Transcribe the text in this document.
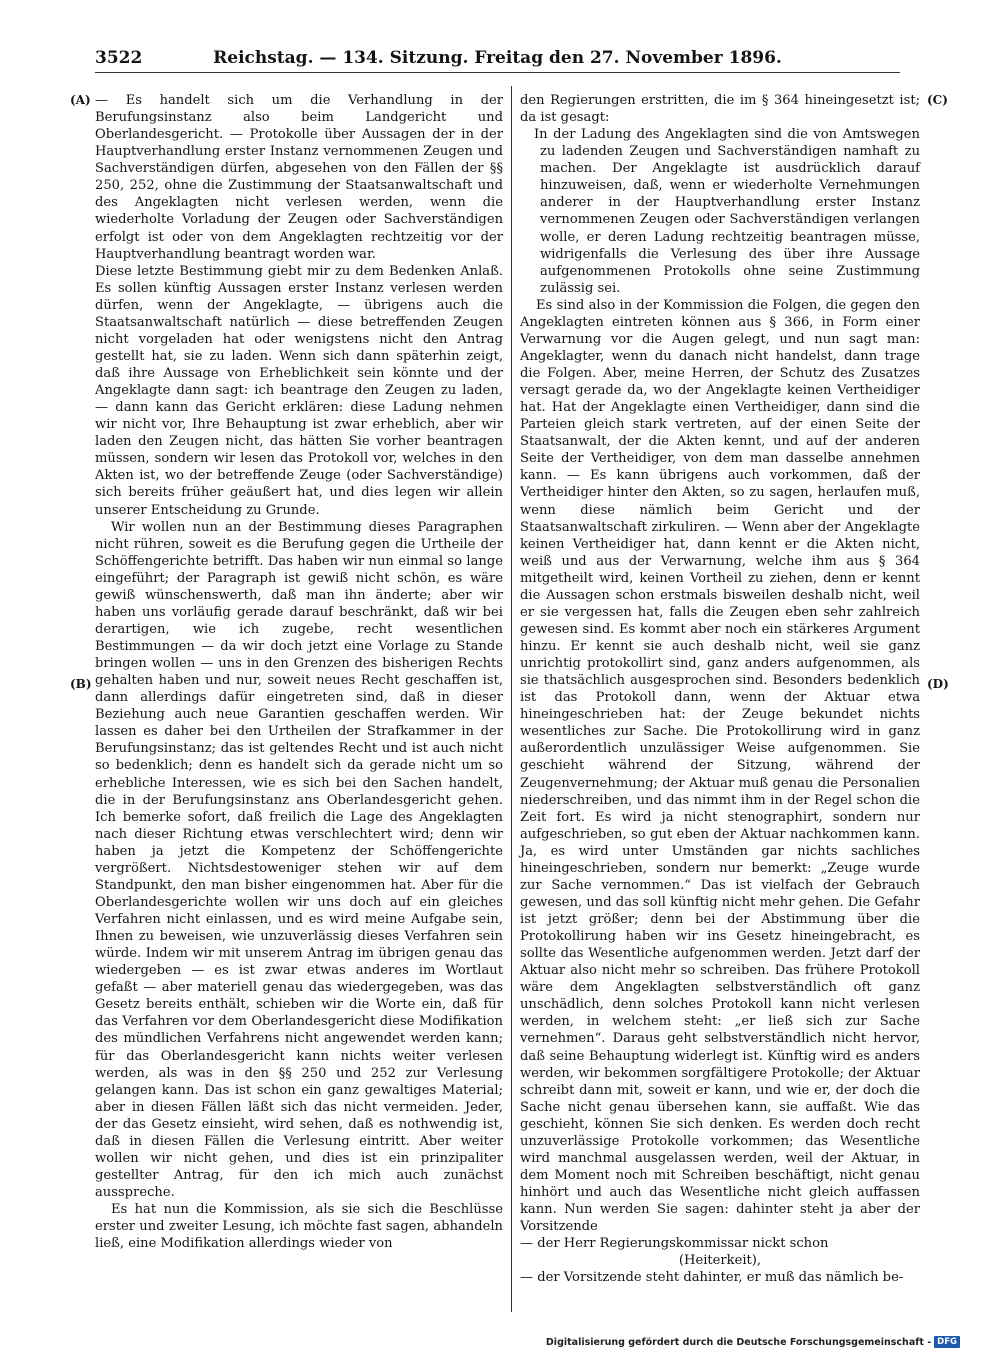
3522	Reichstag. — 134. Sitzung. Freitag den 27. November 1896.
(A)
(B)
(C)
(D)

— Es handelt sich um die Verhandlung in der Berufungsinstanz also beim Landgericht und Oberlandesgericht. — Protokolle über Aussagen der in der Hauptverhandlung erster Instanz vernommenen Zeugen und Sachverständigen dürfen, abgesehen von den Fällen der §§ 250, 252, ohne die Zustimmung der Staatsanwaltschaft und des Angeklagten nicht verlesen werden, wenn die wiederholte Vorladung der Zeugen oder Sachverständigen erfolgt ist oder von dem Angeklagten rechtzeitig vor der Hauptverhandlung beantragt worden war.

Diese letzte Bestimmung giebt mir zu dem Bedenken Anlaß. Es sollen künftig Aussagen erster Instanz verlesen werden dürfen, wenn der Angeklagte, — übrigens auch die Staatsanwaltschaft natürlich — diese betreffenden Zeugen nicht vorgeladen hat oder wenigstens nicht den Antrag gestellt hat, sie zu laden. Wenn sich dann späterhin zeigt, daß ihre Aussage von Erheblichkeit sein könnte und der Angeklagte dann sagt: ich beantrage den Zeugen zu laden, — dann kann das Gericht erklären: diese Ladung nehmen wir nicht vor, Ihre Behauptung ist zwar erheblich, aber wir laden den Zeugen nicht, das hätten Sie vorher beantragen müssen, sondern wir lesen das Protokoll vor, welches in den Akten ist, wo der betreffende Zeuge (oder Sachverständige) sich bereits früher geäußert hat, und dies legen wir allein unserer Entscheidung zu Grunde.

Wir wollen nun an der Bestimmung dieses Paragraphen nicht rühren, soweit es die Berufung gegen die Urtheile der Schöffengerichte betrifft. Das haben wir nun einmal so lange eingeführt; der Paragraph ist gewiß nicht schön, es wäre gewiß wünschenswerth, daß man ihn änderte; aber wir haben uns vorläufig gerade darauf beschränkt, daß wir bei derartigen, wie ich zugebe, recht wesentlichen Bestimmungen — da wir doch jetzt eine Vorlage zu Stande bringen wollen — uns in den Grenzen des bisherigen Rechts gehalten haben und nur, soweit neues Recht geschaffen ist, dann allerdings dafür eingetreten sind, daß in dieser Beziehung auch neue Garantien geschaffen werden. Wir lassen es daher bei den Urtheilen der Strafkammer in der Berufungsinstanz; das ist geltendes Recht und ist auch nicht so bedenklich; denn es handelt sich da gerade nicht um so erhebliche Interessen, wie es sich bei den Sachen handelt, die in der Berufungsinstanz ans Oberlandesgericht gehen. Ich bemerke sofort, daß freilich die Lage des Angeklagten nach dieser Richtung etwas verschlechtert wird; denn wir haben ja jetzt die Kompetenz der Schöffengerichte vergrößert. Nichtsdestoweniger stehen wir auf dem Standpunkt, den man bisher eingenommen hat. Aber für die Oberlandesgerichte wollen wir uns doch auf ein gleiches Verfahren nicht einlassen, und es wird meine Aufgabe sein, Ihnen zu beweisen, wie unzuverlässig dieses Verfahren sein würde. Indem wir mit unserem Antrag im übrigen genau das wiedergeben — es ist zwar etwas anderes im Wortlaut gefaßt — aber materiell genau das wiedergegeben, was das Gesetz bereits enthält, schieben wir die Worte ein, daß für das Verfahren vor dem Oberlandesgericht diese Modifikation des mündlichen Verfahrens nicht angewendet werden kann; für das Oberlandesgericht kann nichts weiter verlesen werden, als was in den §§ 250 und 252 zur Verlesung gelangen kann. Das ist schon ein ganz gewaltiges Material; aber in diesen Fällen läßt sich das nicht vermeiden. Jeder, der das Gesetz einsieht, wird sehen, daß es nothwendig ist, daß in diesen Fällen die Verlesung eintritt. Aber weiter wollen wir nicht gehen, und dies ist ein prinzipaliter gestellter Antrag, für den ich mich auch zunächst ausspreche.

Es hat nun die Kommission, als sie sich die Beschlüsse erster und zweiter Lesung, ich möchte fast sagen, abhandeln ließ, eine Modifikation allerdings wieder von

den Regierungen erstritten, die im § 364 hineingesetzt ist; da ist gesagt:

In der Ladung des Angeklagten sind die von Amtswegen zu ladenden Zeugen und Sachverständigen namhaft zu machen. Der Angeklagte ist ausdrücklich darauf hinzuweisen, daß, wenn er wiederholte Vernehmungen anderer in der Hauptverhandlung erster Instanz vernommenen Zeugen oder Sachverständigen verlangen wolle, er deren Ladung rechtzeitig beantragen müsse, widrigenfalls die Verlesung des über ihre Aussage aufgenommenen Protokolls ohne seine Zustimmung zulässig sei.

Es sind also in der Kommission die Folgen, die gegen den Angeklagten eintreten können aus § 366, in Form einer Verwarnung vor die Augen gelegt, und nun sagt man: Angeklagter, wenn du danach nicht handelst, dann trage die Folgen. Aber, meine Herren, der Schutz des Zusatzes versagt gerade da, wo der Angeklagte keinen Vertheidiger hat. Hat der Angeklagte einen Vertheidiger, dann sind die Parteien gleich stark vertreten, auf der einen Seite der Staatsanwalt, der die Akten kennt, und auf der anderen Seite der Vertheidiger, von dem man dasselbe annehmen kann. — Es kann übrigens auch vorkommen, daß der Vertheidiger hinter den Akten, so zu sagen, herlaufen muß, wenn diese nämlich beim Gericht und der Staatsanwaltschaft zirkuliren. — Wenn aber der Angeklagte keinen Vertheidiger hat, dann kennt er die Akten nicht, weiß und aus der Verwarnung, welche ihm aus § 364 mitgetheilt wird, keinen Vortheil zu ziehen, denn er kennt die Aussagen schon erstmals bisweilen deshalb nicht, weil er sie vergessen hat, falls die Zeugen eben sehr zahlreich gewesen sind. Es kommt aber noch ein stärkeres Argument hinzu. Er kennt sie auch deshalb nicht, weil sie ganz unrichtig protokollirt sind, ganz anders aufgenommen, als sie thatsächlich ausgesprochen sind. Besonders bedenklich ist das Protokoll dann, wenn der Aktuar etwa hineingeschrieben hat: der Zeuge bekundet nichts wesentliches zur Sache. Die Protokollirung wird in ganz außerordentlich unzulässiger Weise aufgenommen. Sie geschieht während der Sitzung, während der Zeugenvernehmung; der Aktuar muß genau die Personalien niederschreiben, und das nimmt ihm in der Regel schon die Zeit fort. Es wird ja nicht stenographirt, sondern nur aufgeschrieben, so gut eben der Aktuar nachkommen kann. Ja, es wird unter Umständen gar nichts sachliches hineingeschrieben, sondern nur bemerkt: „Zeuge wurde zur Sache vernommen.“ Das ist vielfach der Gebrauch gewesen, und das soll künftig nicht mehr gehen. Die Gefahr ist jetzt größer; denn bei der Abstimmung über die Protokollirung haben wir ins Gesetz hineingebracht, es sollte das Wesentliche aufgenommen werden. Jetzt darf der Aktuar also nicht mehr so schreiben. Das frühere Protokoll wäre dem Angeklagten selbstverständlich oft ganz unschädlich, denn solches Protokoll kann nicht verlesen werden, in welchem steht: „er ließ sich zur Sache vernehmen“. Daraus geht selbstverständlich nicht hervor, daß seine Behauptung widerlegt ist. Künftig wird es anders werden, wir bekommen sorgfältigere Protokolle; der Aktuar schreibt dann mit, soweit er kann, und wie er, der doch die Sache nicht genau übersehen kann, sie auffaßt. Wie das geschieht, können Sie sich denken. Es werden doch recht unzuverlässige Protokolle vorkommen; das Wesentliche wird manchmal ausgelassen werden, weil der Aktuar, in dem Moment noch mit Schreiben beschäftigt, nicht genau hinhört und auch das Wesentliche nicht gleich auffassen kann. Nun werden Sie sagen: dahinter steht ja aber der Vorsitzende

— der Herr Regierungskommissar nickt schon

(Heiterkeit),

— der Vorsitzende steht dahinter, er muß das nämlich be-

Digitalisierung gefördert durch die Deutsche Forschungsgemeinschaft - DFG
